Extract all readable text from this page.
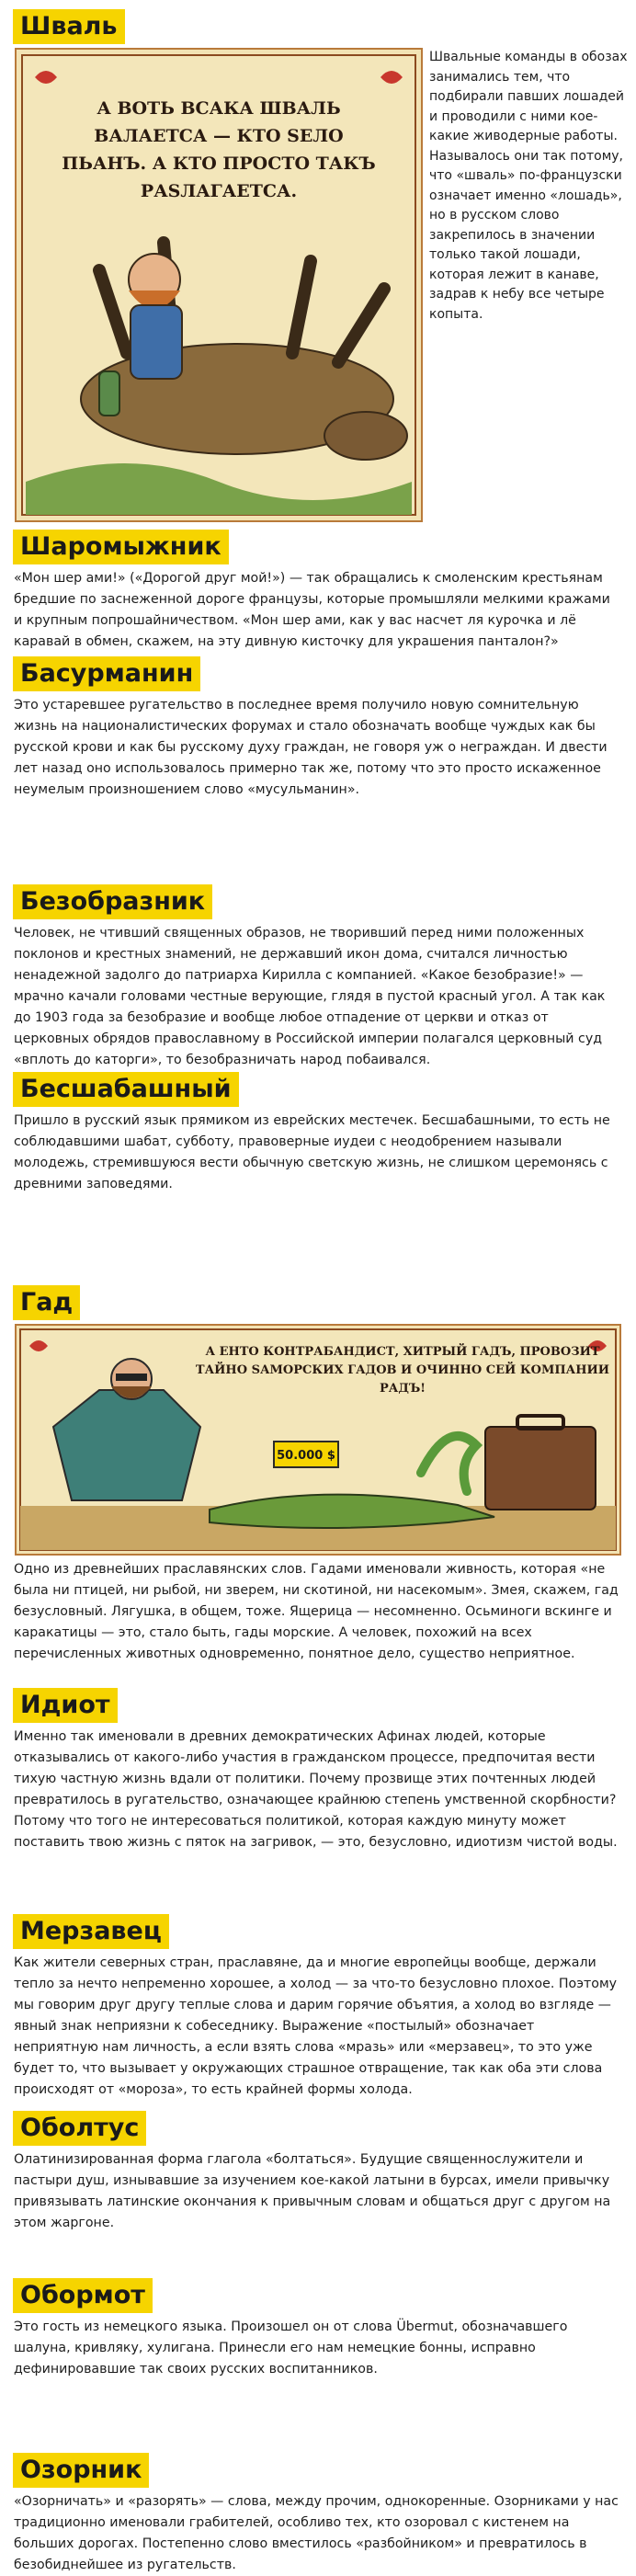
Шваль
А ВОТЬ ВСАКА ШВАЛЬ
ВАЛАЕТСА — КТО SЕЛО
ПЬАНЪ. А КТО ПРОСТО ТАКЪ
РАSЛАГАЕТСА.
Швальные команды в обозах занимались тем, что подбирали павших лошадей и проводили с ними кое-какие живодерные работы. Называлось они так потому, что «шваль» по-французски означает именно «лошадь», но в русском слово закрепилось в значении только такой лошади, которая лежит в канаве, задрав к небу все четыре копыта.
Шаромыжник
«Мон шер ами!» («Дорогой друг мой!») — так обращались к смоленским крестьянам бредшие по заснеженной дороге французы, которые промышляли мелкими кражами и крупным попрошайничеством. «Мон шер ами, как у вас насчет ля курочка и лё каравай в обмен, скажем, на эту дивную кисточку для украшения панталон?»
Басурманин
Это устаревшее ругательство в последнее время получило новую сомнительную жизнь на националистических форумах и стало обозначать вообще чуждых как бы русской крови и как бы русскому духу граждан, не говоря уж о неграждан. И двести лет назад оно использовалось примерно так же, потому что это просто искаженное неумелым произношением слово «мусульманин».
Безобразник
Человек, не чтивший священных образов, не творивший перед ними положенных поклонов и крестных знамений, не державший икон дома, считался личностью ненадежной задолго до патриарха Кирилла с компанией. «Какое безобразие!» — мрачно качали головами честные верующие, глядя в пустой красный угол. А так как до 1903 года за безобразие и вообще любое отпадение от церкви и отказ от церковных обрядов православному в Российской империи полагался церковный суд «вплоть до каторги», то безобразничать народ побаивался.
Бесшабашный
Пришло в русский язык прямиком из еврейских местечек. Бесшабашными, то есть не соблюдавшими шабат, субботу, правоверные иудеи с неодобрением называли молодежь, стремившуюся вести обычную светскую жизнь, не слишком церемонясь с древними заповедями.
Гад
А ЕНТО КОНТРАБАНДИСТ, ХИТРЫЙ ГАДЪ, ПРОВОЗИТ
ТАЙНО SАМОРСКИХ ГАДОВ И ОЧИННО СЕЙ КОМПАНИИ
РАДЪ!
50.000 $
Одно из древнейших праславянских слов. Гадами именовали живность, которая «не была ни птицей, ни рыбой, ни зверем, ни скотиной, ни насекомым». Змея, скажем, гад безусловный. Лягушка, в общем, тоже. Ящерица — несомненно. Осьминоги вскинге и каракатицы — это, стало быть, гады морские. А человек, похожий на всех перечисленных животных одновременно, понятное дело, существо неприятное.
Идиот
Именно так именовали в древних демократических Афинах людей, которые отказывались от какого-либо участия в гражданском процессе, предпочитая вести тихую частную жизнь вдали от политики. Почему прозвище этих почтенных людей превратилось в ругательство, означающее крайнюю степень умственной скорбности? Потому что того не интересоваться политикой, которая каждую минуту может поставить твою жизнь с пяток на загривок, — это, безусловно, идиотизм чистой воды.
Мерзавец
Как жители северных стран, праславяне, да и многие европейцы вообще, держали тепло за нечто непременно хорошее, а холод — за что-то безусловно плохое. Поэтому мы говорим друг другу теплые слова и дарим горячие объятия, а холод во взгляде — явный знак неприязни к собеседнику. Выражение «постылый» обозначает неприятную нам личность, а если взять слова «мразь» или «мерзавец», то это уже будет то, что вызывает у окружающих страшное отвращение, так как оба эти слова происходят от «мороза», то есть крайней формы холода.
Оболтус
Олатинизированная форма глагола «болтаться». Будущие священнослужители и пастыри душ, изнывавшие за изучением кое-какой латыни в бурсах, имели привычку привязывать латинские окончания к привычным словам и общаться друг с другом на этом жаргоне.
Обормот
Это гость из немецкого языка. Произошел он от слова Übermut, обозначавшего шалуна, кривляку, хулигана. Принесли его нам немецкие бонны, исправно дефинировавшие так своих русских воспитанников.
Озорник
«Озорничать» и «разорять» — слова, между прочим, однокоренные. Озорниками у нас традиционно именовали грабителей, особливо тех, кто озоровал с кистенем на больших дорогах. Постепенно слово вместилось «разбойником» и превратилось в безобиднейшее из ругательств.
